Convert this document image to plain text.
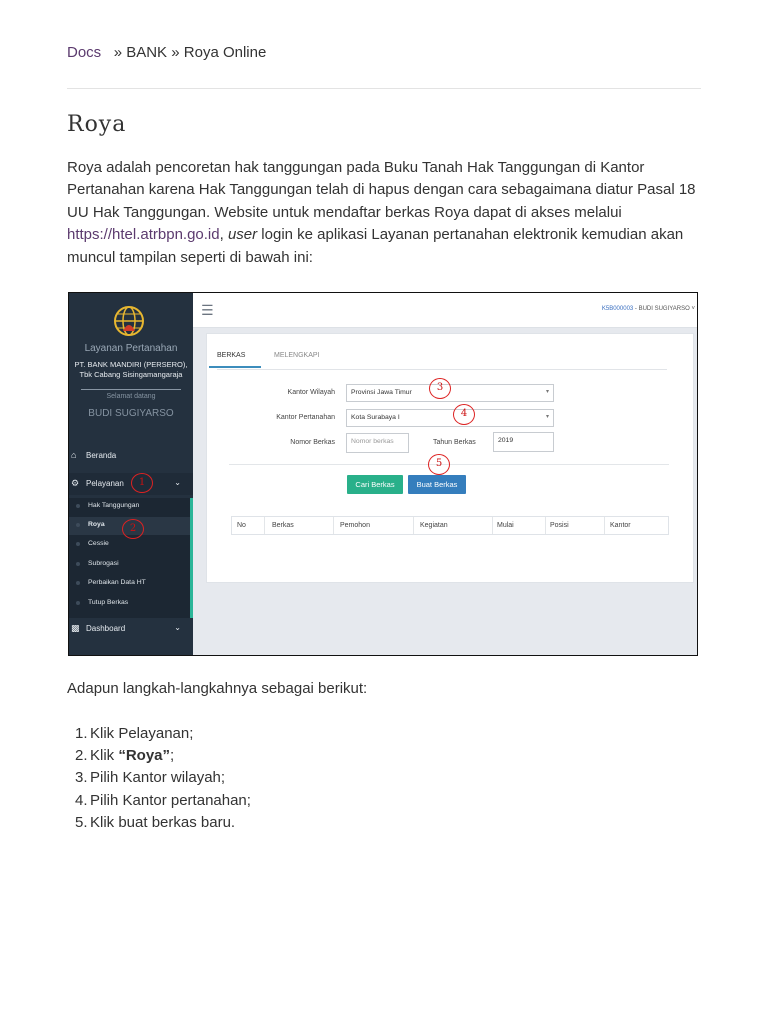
Docs » BANK » Roya Online
Roya

Roya adalah pencoretan hak tanggungan pada Buku Tanah Hak Tanggungan di Kantor Pertanahan karena Hak Tanggungan telah di hapus dengan cara sebagaimana diatur Pasal 18 UU Hak Tanggungan. Website untuk mendaftar berkas Roya dapat di akses melalui https://htel.atrbpn.go.id, user login ke aplikasi Layanan pertanahan elektronik kemudian akan muncul tampilan seperti di bawah ini:

Layanan Pertanahan
PT. BANK MANDIRI (PERSERO),
Tbk Cabang Sisingamangaraja
Selamat datang
BUDI SUGIYARSO
⌂ Beranda
⚙ Pelayanan	⌄
Hak Tanggungan
Roya
Cessie
Subrogasi
Perbaikan Data HT
Tutup Berkas
▩ Dashboard	⌄
1
2
☰	K5B000003 - BUDI SUGIYARSO ˅
BERKAS	MELENGKAPI
Kantor Wilayah	Provinsi Jawa Timur	▾
Kantor Pertanahan	Kota Surabaya I	▾
Nomor Berkas	Nomor berkas	Tahun Berkas	2019
Cari Berkas	Buat Berkas
No	Berkas	Pemohon	Kegiatan	Mulai	Posisi	Kantor
3
4
5

Adapun langkah-langkahnya sebagai berikut:

1. Klik Pelayanan;
2. Klik “Roya”;
3. Pilih Kantor wilayah;
4. Pilih Kantor pertanahan;
5. Klik buat berkas baru.
